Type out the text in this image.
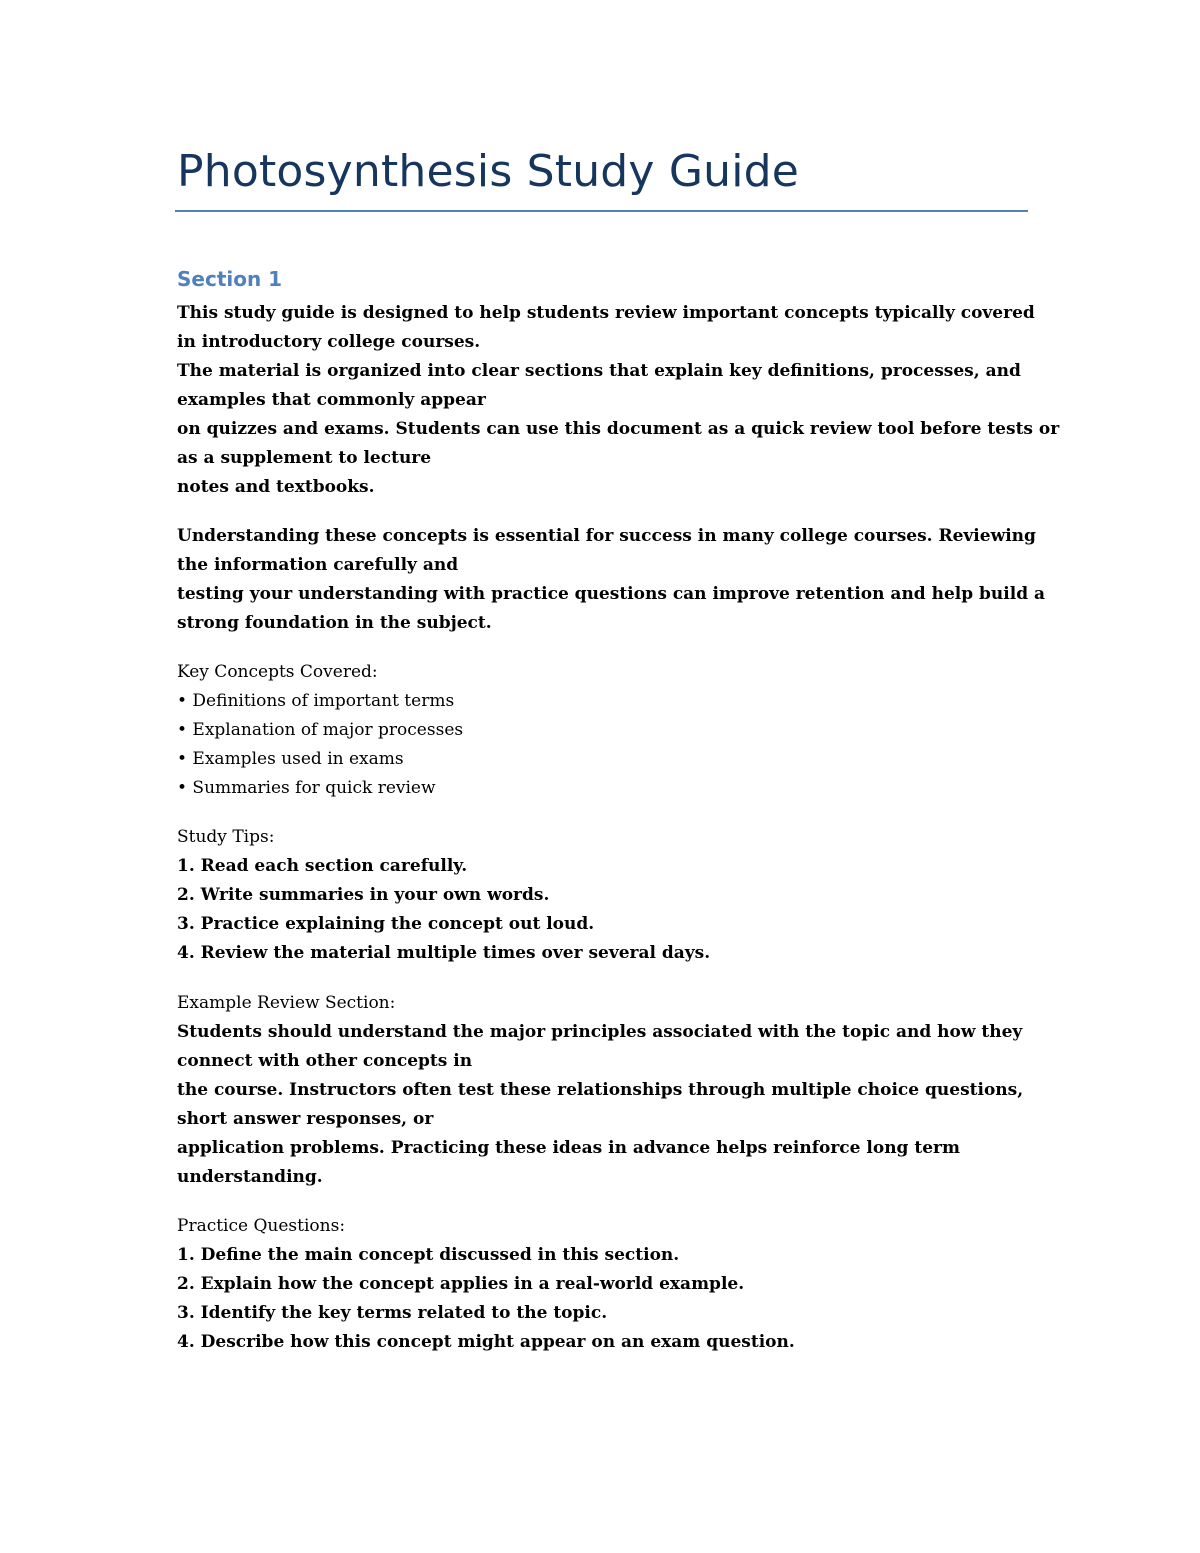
Photosynthesis Study Guide
Section 1
This study guide is designed to help students review important concepts typically covered
in introductory college courses.
The material is organized into clear sections that explain key definitions, processes, and
examples that commonly appear
on quizzes and exams. Students can use this document as a quick review tool before tests or
as a supplement to lecture
notes and textbooks.
Understanding these concepts is essential for success in many college courses. Reviewing
the information carefully and
testing your understanding with practice questions can improve retention and help build a
strong foundation in the subject.
Key Concepts Covered:
• Definitions of important terms
• Explanation of major processes
• Examples used in exams
• Summaries for quick review
Study Tips:
1. Read each section carefully.
2. Write summaries in your own words.
3. Practice explaining the concept out loud.
4. Review the material multiple times over several days.
Example Review Section:
Students should understand the major principles associated with the topic and how they
connect with other concepts in
the course. Instructors often test these relationships through multiple choice questions,
short answer responses, or
application problems. Practicing these ideas in advance helps reinforce long term
understanding.
Practice Questions:
1. Define the main concept discussed in this section.
2. Explain how the concept applies in a real-world example.
3. Identify the key terms related to the topic.
4. Describe how this concept might appear on an exam question.
